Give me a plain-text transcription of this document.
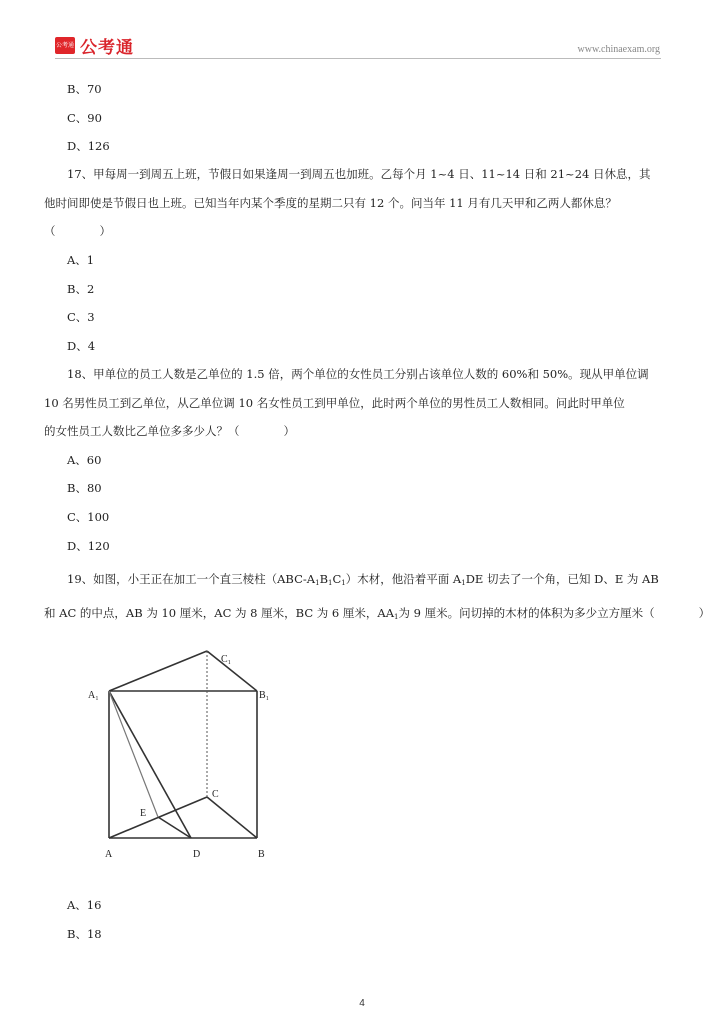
公考通 公考通	www.chinaexam.org
B、70
C、90
D、126
17、甲每周一到周五上班，节假日如果逢周一到周五也加班。乙每个月 1~4 日、11~14 日和 21~24 日休息，其
他时间即使是节假日也上班。已知当年内某个季度的星期二只有 12 个。问当年 11 月有几天甲和乙两人都休息？
（	）
A、1
B、2
C、3
D、4
18、甲单位的员工人数是乙单位的 1.5 倍，两个单位的女性员工分别占该单位人数的 60%和 50%。现从甲单位调
10 名男性员工到乙单位，从乙单位调 10 名女性员工到甲单位，此时两个单位的男性员工人数相同。问此时甲单位
的女性员工人数比乙单位多多少人？（	）
A、60
B、80
C、100
D、120
19、如图，小王正在加工一个直三棱柱$(ABC-A_1B_1C_1)$木材，他沿着平面 $A_1DE$ 切去了一个角，已知 D、E 为 AB
和 AC 的中点，AB 为 10 厘米，AC 为 8 厘米，BC 为 6 厘米，$AA_1$为 9 厘米。问切掉的木材的体积为多少立方厘米（	）
A₁	B₁
C₁
C
E
A	D	B
A、16
B、18
4
